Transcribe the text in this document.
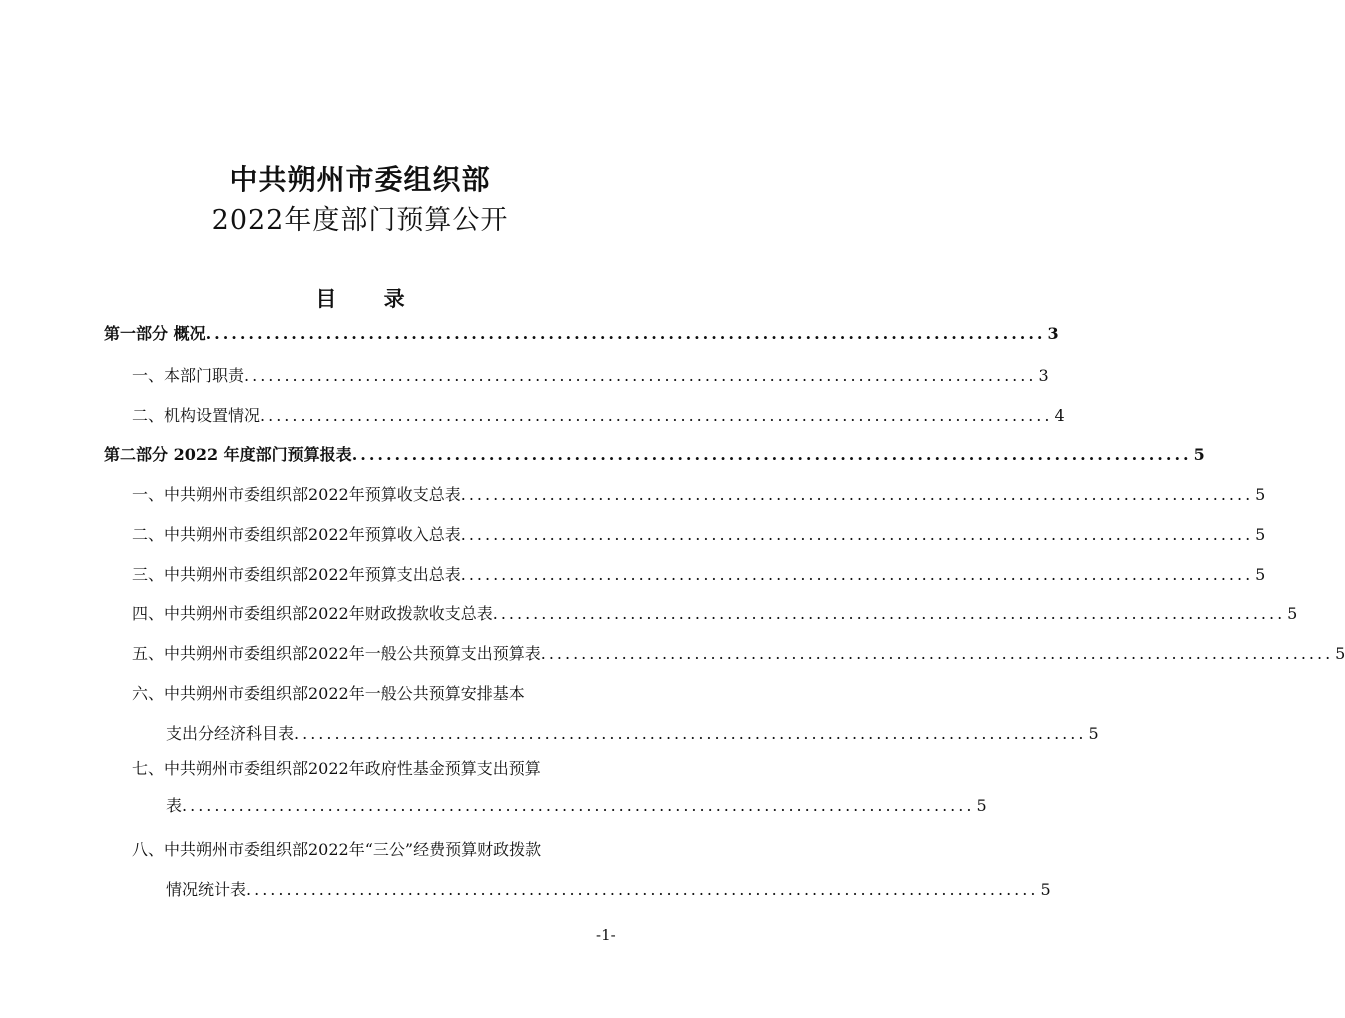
中共朔州市委组织部
2022年度部门预算公开
目 录
第一部分 概况 .................................................................................................. 3
一、本部门职责 .................................................................................................. 3
二、机构设置情况 .................................................................................................. 4
第二部分 2022 年度部门预算报表 .................................................................................................. 5
一、中共朔州市委组织部2022年预算收支总表 .................................................................................................. 5
二、中共朔州市委组织部2022年预算收入总表 .................................................................................................. 5
三、中共朔州市委组织部2022年预算支出总表 .................................................................................................. 5
四、中共朔州市委组织部2022年财政拨款收支总表 .................................................................................................. 5
五、中共朔州市委组织部2022年一般公共预算支出预算表 .................................................................................................. 5
六、中共朔州市委组织部2022年一般公共预算安排基本
支出分经济科目表 .................................................................................................. 5
七、中共朔州市委组织部2022年政府性基金预算支出预算
表 .................................................................................................. 5
八、中共朔州市委组织部2022年“三公”经费预算财政拨款
情况统计表 .................................................................................................. 5
-1-
